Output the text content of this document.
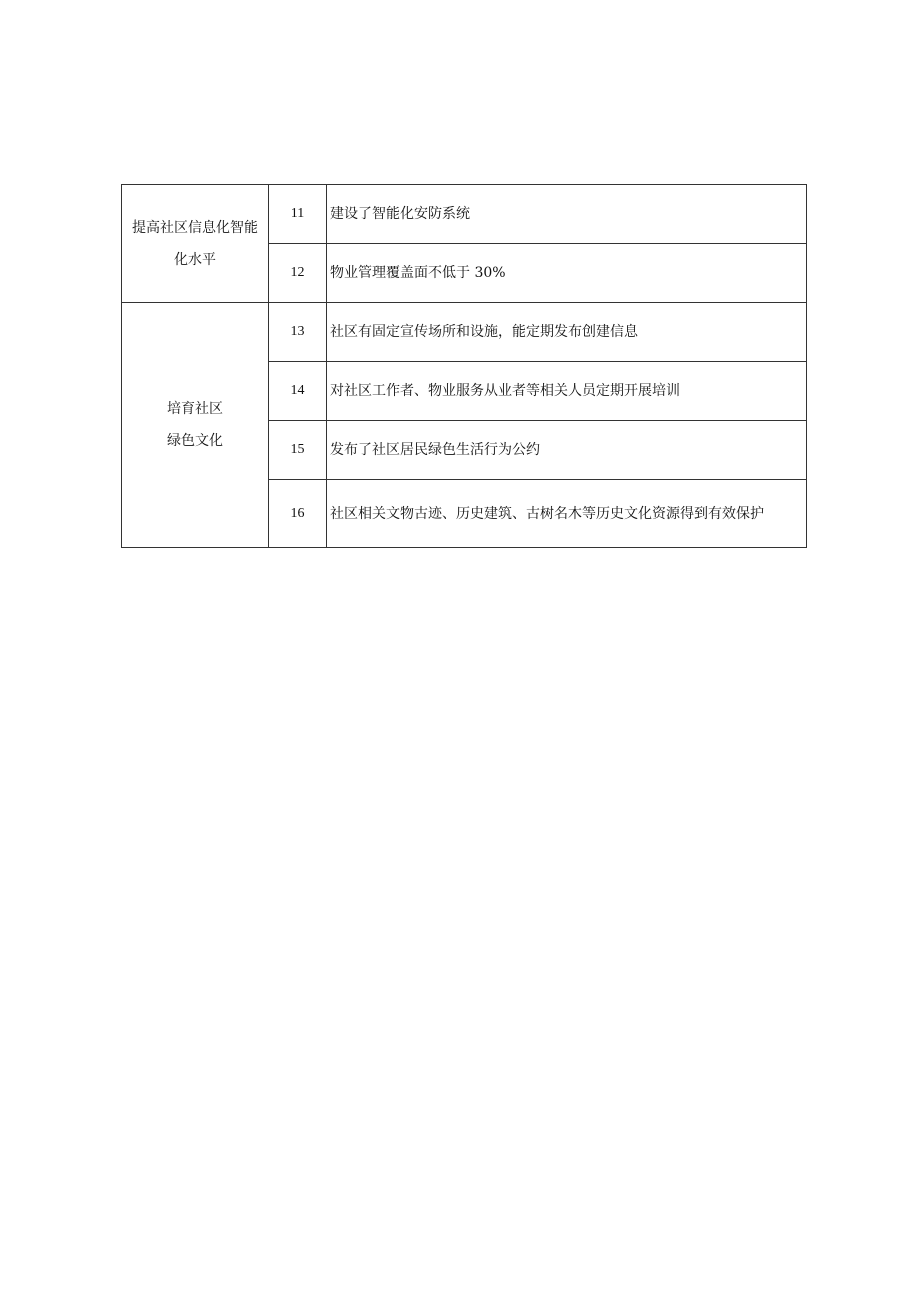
提高社区信息化智能
化水平	11	建设了智能化安防系统
	12	物业管理覆盖面不低于 30%

培育社区
绿色文化	13	社区有固定宣传场所和设施，能定期发布创建信息
	14	对社区工作者、物业服务从业者等相关人员定期开展培训
	15	发布了社区居民绿色生活行为公约
	16	社区相关文物古迹、历史建筑、古树名木等历史文化资源得到有效保护
